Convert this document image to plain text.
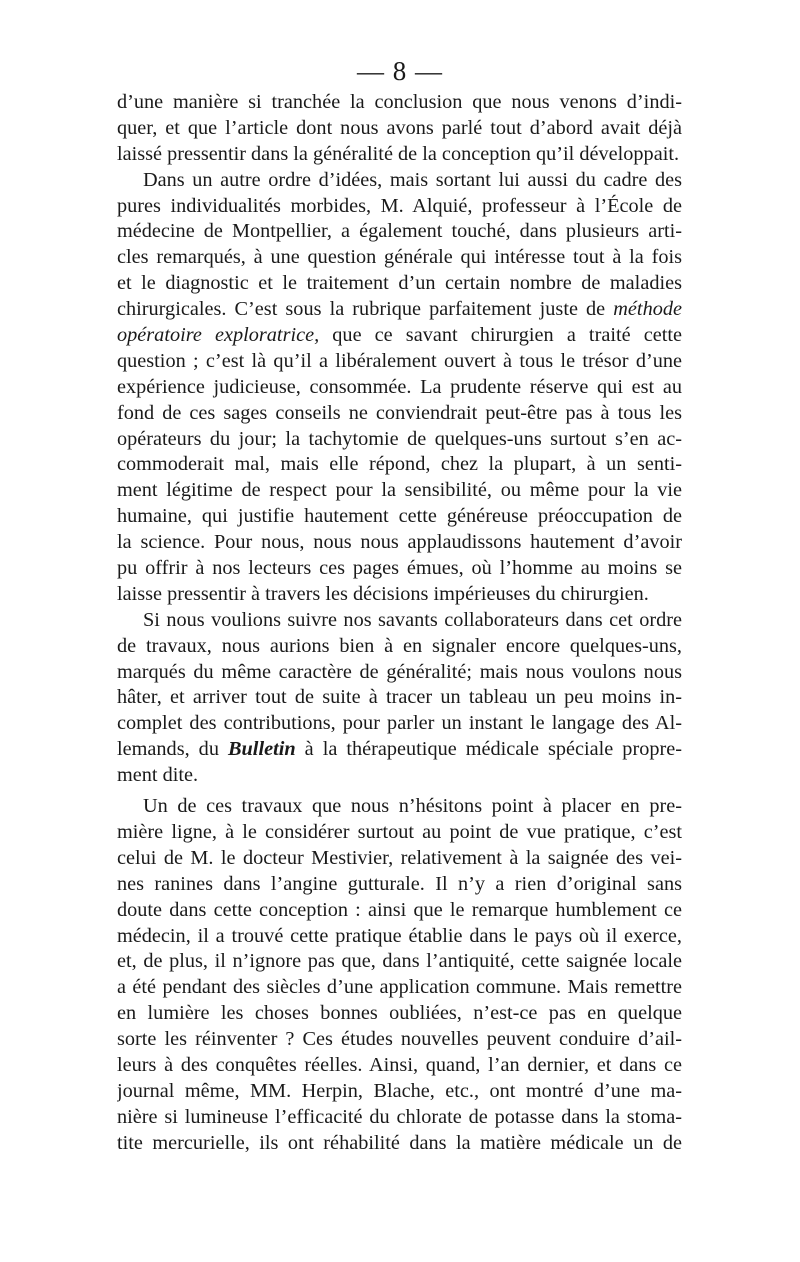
— 8 —
d’une manière si tranchée la conclusion que nous venons d’indi-
quer, et que l’article dont nous avons parlé tout d’abord avait déjà
laissé pressentir dans la généralité de la conception qu’il développait.
Dans un autre ordre d’idées, mais sortant lui aussi du cadre des
pures individualités morbides, M. Alquié, professeur à l’École de
médecine de Montpellier, a également touché, dans plusieurs arti-
cles remarqués, à une question générale qui intéresse tout à la fois
et le diagnostic et le traitement d’un certain nombre de maladies
chirurgicales. C’est sous la rubrique parfaitement juste de méthode
opératoire exploratrice, que ce savant chirurgien a traité cette
question ; c’est là qu’il a libéralement ouvert à tous le trésor d’une
expérience judicieuse, consommée. La prudente réserve qui est au
fond de ces sages conseils ne conviendrait peut-être pas à tous les
opérateurs du jour; la tachytomie de quelques-uns surtout s’en ac-
commoderait mal, mais elle répond, chez la plupart, à un senti-
ment légitime de respect pour la sensibilité, ou même pour la vie
humaine, qui justifie hautement cette généreuse préoccupation de
la science. Pour nous, nous nous applaudissons hautement d’avoir
pu offrir à nos lecteurs ces pages émues, où l’homme au moins se
laisse pressentir à travers les décisions impérieuses du chirurgien.
Si nous voulions suivre nos savants collaborateurs dans cet ordre
de travaux, nous aurions bien à en signaler encore quelques-uns,
marqués du même caractère de généralité; mais nous voulons nous
hâter, et arriver tout de suite à tracer un tableau un peu moins in-
complet des contributions, pour parler un instant le langage des Al-
lemands, du Bulletin à la thérapeutique médicale spéciale propre-
ment dite.
Un de ces travaux que nous n’hésitons point à placer en pre-
mière ligne, à le considérer surtout au point de vue pratique, c’est
celui de M. le docteur Mestivier, relativement à la saignée des vei-
nes ranines dans l’angine gutturale. Il n’y a rien d’original sans
doute dans cette conception : ainsi que le remarque humblement ce
médecin, il a trouvé cette pratique établie dans le pays où il exerce,
et, de plus, il n’ignore pas que, dans l’antiquité, cette saignée locale
a été pendant des siècles d’une application commune. Mais remettre
en lumière les choses bonnes oubliées, n’est-ce pas en quelque
sorte les réinventer ? Ces études nouvelles peuvent conduire d’ail-
leurs à des conquêtes réelles. Ainsi, quand, l’an dernier, et dans ce
journal même, MM. Herpin, Blache, etc., ont montré d’une ma-
nière si lumineuse l’efficacité du chlorate de potasse dans la stoma-
tite mercurielle, ils ont réhabilité dans la matière médicale un de
